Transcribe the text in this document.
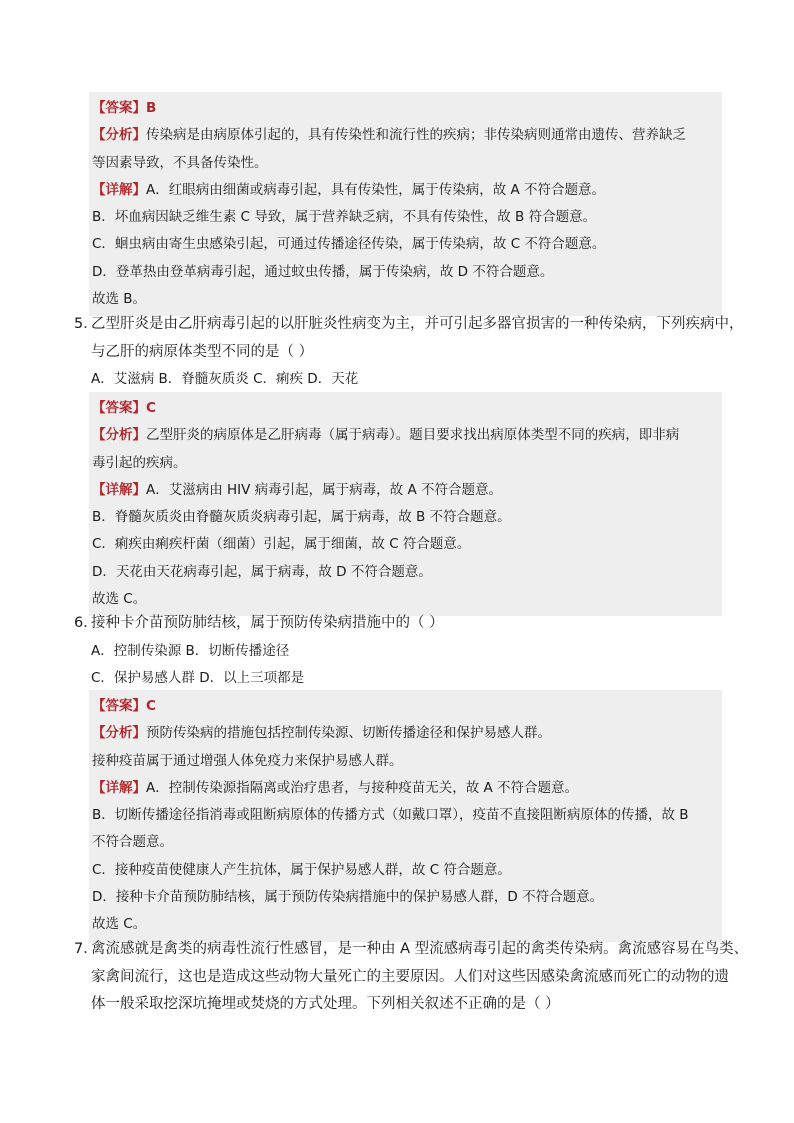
【答案】B
【分析】传染病是由病原体引起的，具有传染性和流行性的疾病；非传染病则通常由遗传、营养缺乏
等因素导致，不具备传染性。
【详解】A．红眼病由细菌或病毒引起，具有传染性，属于传染病，故 A 不符合题意。
B．坏血病因缺乏维生素 C 导致，属于营养缺乏病，不具有传染性，故 B 符合题意。
C．蛔虫病由寄生虫感染引起，可通过传播途径传染，属于传染病，故 C 不符合题意。
D．登革热由登革病毒引起，通过蚊虫传播，属于传染病，故 D 不符合题意。
故选 B。
5．乙型肝炎是由乙肝病毒引起的以肝脏炎性病变为主，并可引起多器官损害的一种传染病，下列疾病中，
与乙肝的病原体类型不同的是（ ）
A．艾滋病 B．脊髓灰质炎 C．痢疾 D．天花
【答案】C
【分析】乙型肝炎的病原体是乙肝病毒（属于病毒）。题目要求找出病原体类型不同的疾病，即非病
毒引起的疾病。
【详解】A．艾滋病由 HIV 病毒引起，属于病毒，故 A 不符合题意。
B．脊髓灰质炎由脊髓灰质炎病毒引起，属于病毒，故 B 不符合题意。
C．痢疾由痢疾杆菌（细菌）引起，属于细菌，故 C 符合题意。
D．天花由天花病毒引起，属于病毒，故 D 不符合题意。
故选 C。
6．接种卡介苗预防肺结核，属于预防传染病措施中的（ ）
A．控制传染源 B．切断传播途径
C．保护易感人群 D．以上三项都是
【答案】C
【分析】预防传染病的措施包括控制传染源、切断传播途径和保护易感人群。
接种疫苗属于通过增强人体免疫力来保护易感人群。
【详解】A．控制传染源指隔离或治疗患者，与接种疫苗无关，故 A 不符合题意。
B．切断传播途径指消毒或阻断病原体的传播方式（如戴口罩），疫苗不直接阻断病原体的传播，故 B
不符合题意。
C．接种疫苗使健康人产生抗体，属于保护易感人群，故 C 符合题意。
D．接种卡介苗预防肺结核，属于预防传染病措施中的保护易感人群，D 不符合题意。
故选 C。
7．禽流感就是禽类的病毒性流行性感冒，是一种由 A 型流感病毒引起的禽类传染病。禽流感容易在鸟类、
家禽间流行，这也是造成这些动物大量死亡的主要原因。人们对这些因感染禽流感而死亡的动物的遗
体一般采取挖深坑掩埋或焚烧的方式处理。下列相关叙述不正确的是（ ）
